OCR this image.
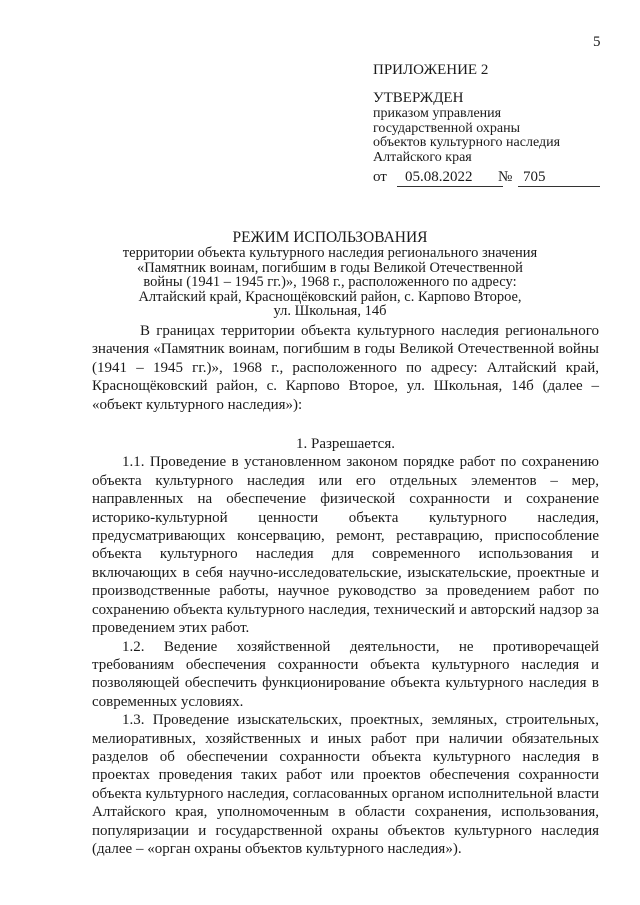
5
ПРИЛОЖЕНИЕ 2
УТВЕРЖДЕН
приказом управления
государственной охраны
объектов культурного наследия
Алтайского края
от 05.08.2022 № 705
РЕЖИМ ИСПОЛЬЗОВАНИЯ
территории объекта культурного наследия регионального значения
«Памятник воинам, погибшим в годы Великой Отечественной
войны (1941 – 1945 гг.)», 1968 г., расположенного по адресу:
Алтайский край, Краснощёковский район, с. Карпово Второе,
ул. Школьная, 14б

В границах территории объекта культурного наследия регионального значения «Памятник воинам, погибшим в годы Великой Отечественной войны (1941 – 1945 гг.)», 1968 г., расположенного по адресу: Алтайский край, Краснощёковский район, с. Карпово Второе, ул. Школьная, 14б (далее – «объект культурного наследия»):

1. Разрешается.

1.1. Проведение в установленном законом порядке работ по сохранению объекта культурного наследия или его отдельных элементов – мер, направленных на обеспечение физической сохранности и сохранение историко-культурной ценности объекта культурного наследия, предусматривающих консервацию, ремонт, реставрацию, приспособление объекта культурного наследия для современного использования и включающих в себя научно-исследовательские, изыскательские, проектные и производственные работы, научное руководство за проведением работ по сохранению объекта культурного наследия, технический и авторский надзор за проведением этих работ.

1.2. Ведение хозяйственной деятельности, не противоречащей требованиям обеспечения сохранности объекта культурного наследия и позволяющей обеспечить функционирование объекта культурного наследия в современных условиях.

1.3. Проведение изыскательских, проектных, земляных, строительных, мелиоративных, хозяйственных и иных работ при наличии обязательных разделов об обеспечении сохранности объекта культурного наследия в проектах проведения таких работ или проектов обеспечения сохранности объекта культурного наследия, согласованных органом исполнительной власти Алтайского края, уполномоченным в области сохранения, использования, популяризации и государственной охраны объектов культурного наследия (далее – «орган охраны объектов культурного наследия»).
